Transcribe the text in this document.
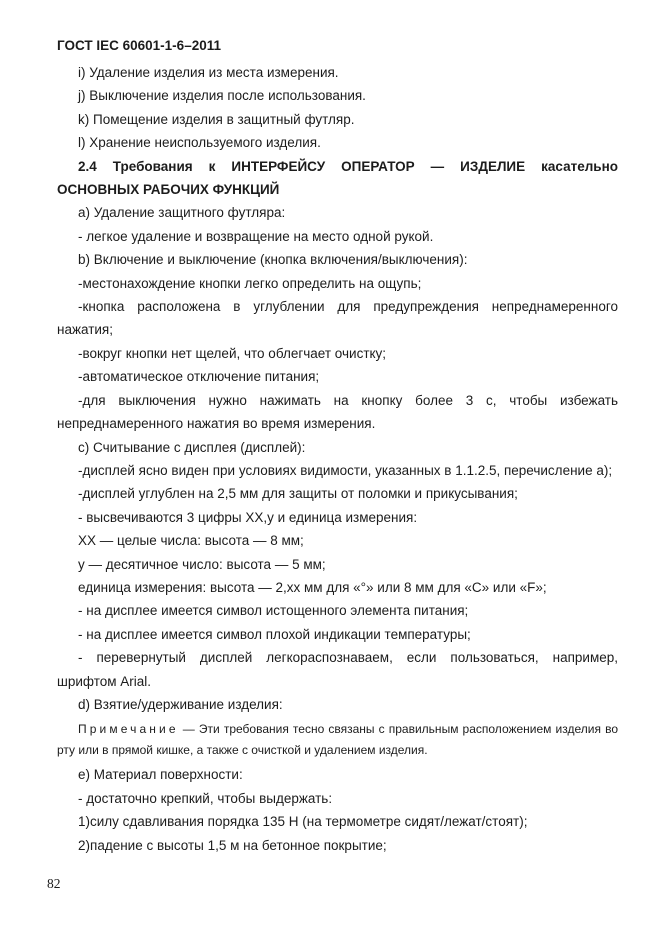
ГОСТ IEC 60601-1-6–2011

i) Удаление изделия из места измерения.

j) Выключение изделия после использования.

k) Помещение изделия в защитный футляр.

l) Хранение неиспользуемого изделия.

2.4 Требования к ИНТЕРФЕЙСУ ОПЕРАТОР — ИЗДЕЛИЕ касательно ОСНОВНЫХ РАБОЧИХ ФУНКЦИЙ

a) Удаление защитного футляра:

- легкое удаление и возвращение на место одной рукой.

b) Включение и выключение (кнопка включения/выключения):

-местонахождение кнопки легко определить на ощупь;

-кнопка расположена в углублении для предупреждения непреднамеренного нажатия;

-вокруг кнопки нет щелей, что облегчает очистку;

-автоматическое отключение питания;

-для выключения нужно нажимать на кнопку более 3 с, чтобы избежать непреднамеренного нажатия во время измерения.

c) Считывание с дисплея (дисплей):

-дисплей ясно виден при условиях видимости, указанных в 1.1.2.5, перечисление a);

-дисплей углублен на 2,5 мм для защиты от поломки и прикусывания;

- высвечиваются 3 цифры XX,у и единица измерения:

XX — целые числа: высота — 8 мм;

у — десятичное число: высота — 5 мм;

единица измерения: высота — 2,хх мм для «°» или 8 мм для «C» или «F»;

- на дисплее имеется символ истощенного элемента питания;

- на дисплее имеется символ плохой индикации температуры;

- перевернутый дисплей легкораспознаваем, если пользоваться, например, шрифтом Arial.

d) Взятие/удерживание изделия:

Примечание — Эти требования тесно связаны с правильным расположением изделия во рту или в прямой кишке, а также с очисткой и удалением изделия.

e) Материал поверхности:

- достаточно крепкий, чтобы выдержать:

1)силу сдавливания порядка 135 Н (на термометре сидят/лежат/стоят);

2)падение с высоты 1,5 м на бетонное покрытие;

82
